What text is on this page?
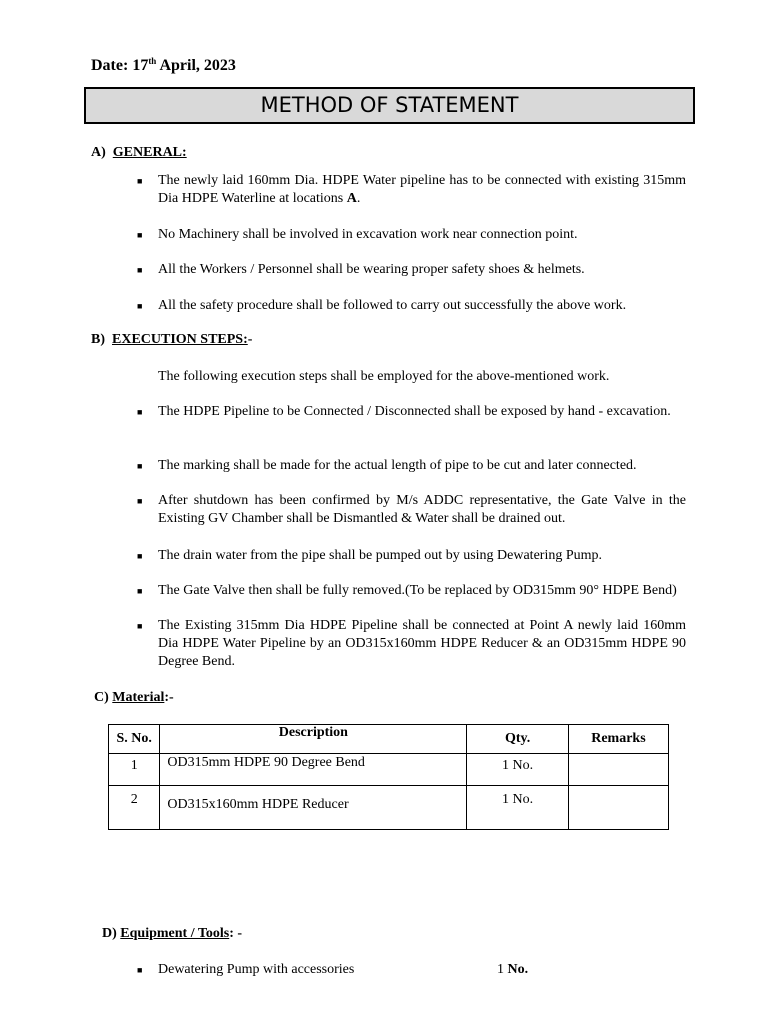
Date: 17th April, 2023
METHOD OF STATEMENT
A) GENERAL:
■ The newly laid 160mm Dia. HDPE Water pipeline has to be connected with existing 315mm Dia HDPE Waterline at locations A.
■ No Machinery shall be involved in excavation work near connection point.
■ All the Workers / Personnel shall be wearing proper safety shoes & helmets.
■ All the safety procedure shall be followed to carry out successfully the above work.
B) EXECUTION STEPS:-
The following execution steps shall be employed for the above-mentioned work.
■ The HDPE Pipeline to be Connected / Disconnected shall be exposed by hand - excavation.
■ The marking shall be made for the actual length of pipe to be cut and later connected.
■ After shutdown has been confirmed by M/s ADDC representative, the Gate Valve in the Existing GV Chamber shall be Dismantled & Water shall be drained out.
■ The drain water from the pipe shall be pumped out by using Dewatering Pump.
■ The Gate Valve then shall be fully removed.(To be replaced by OD315mm 90° HDPE Bend)
■ The Existing 315mm Dia HDPE Pipeline shall be connected at Point A newly laid 160mm Dia HDPE Water Pipeline by an OD315x160mm HDPE Reducer & an OD315mm HDPE 90 Degree Bend.
C) Material:-
S. No.	Description	Qty.	Remarks
1	OD315mm HDPE 90 Degree Bend	1 No.	
2	OD315x160mm HDPE Reducer	1 No.	
D) Equipment / Tools: -
■ Dewatering Pump with accessories	1 No.
